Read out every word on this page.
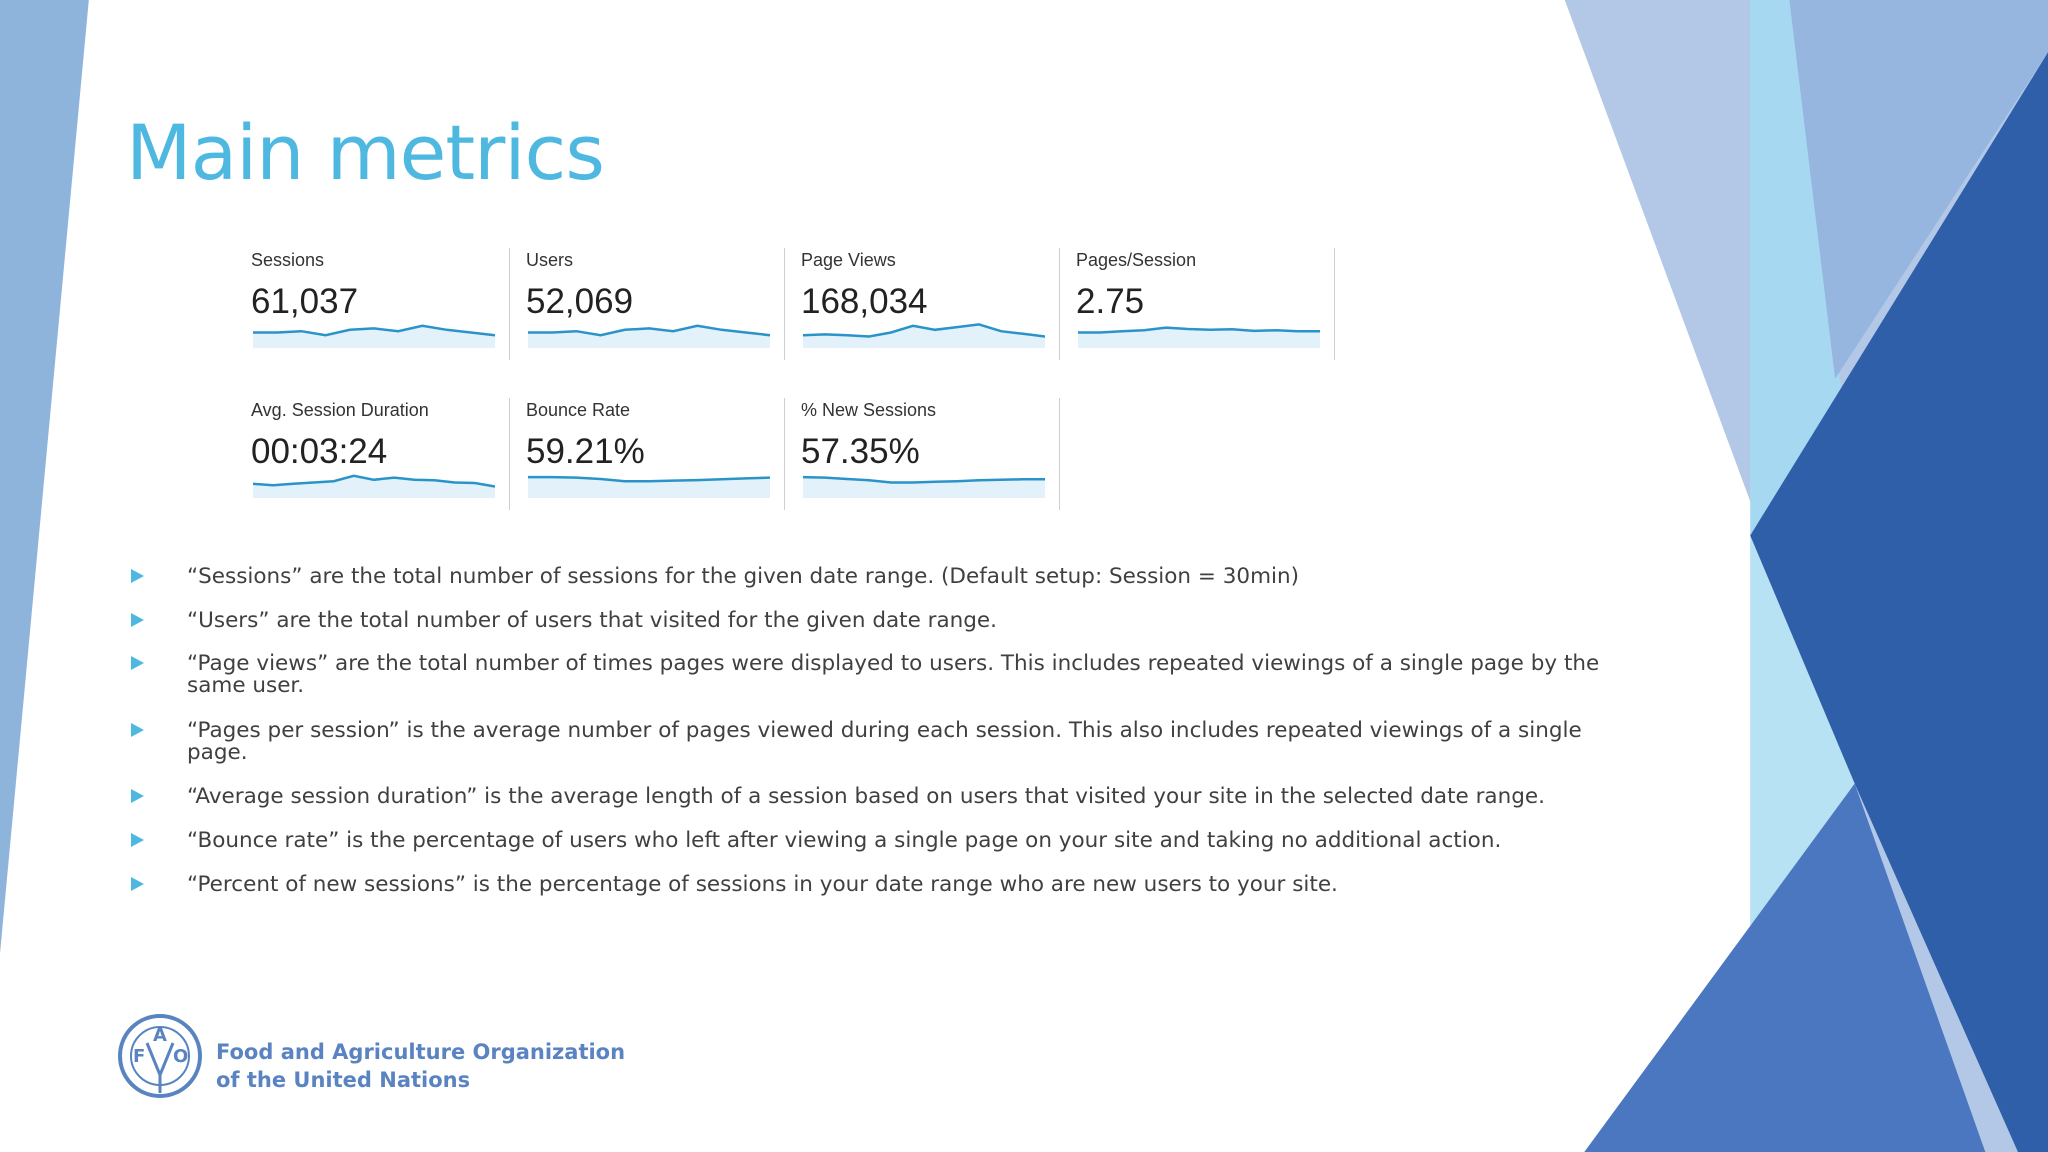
Main metrics
Sessions
61,037
Users
52,069
Page Views
168,034
Pages/Session
2.75
Avg. Session Duration
00:03:24
Bounce Rate
59.21%
% New Sessions
57.35%
“Sessions” are the total number of sessions for the given date range. (Default setup: Session = 30min)
“Users” are the total number of users that visited for the given date range.
“Page views” are the total number of times pages were displayed to users. This includes repeated viewings of a single page by the same user.
“Pages per session” is the average number of pages viewed during each session. This also includes repeated viewings of a single page.
“Average session duration” is the average length of a session based on users that visited your site in the selected date range.
“Bounce rate” is the percentage of users who left after viewing a single page on your site and taking no additional action.
“Percent of new sessions” is the percentage of sessions in your date range who are new users to your site.
F
A
O Food and Agriculture Organization
of the United Nations
